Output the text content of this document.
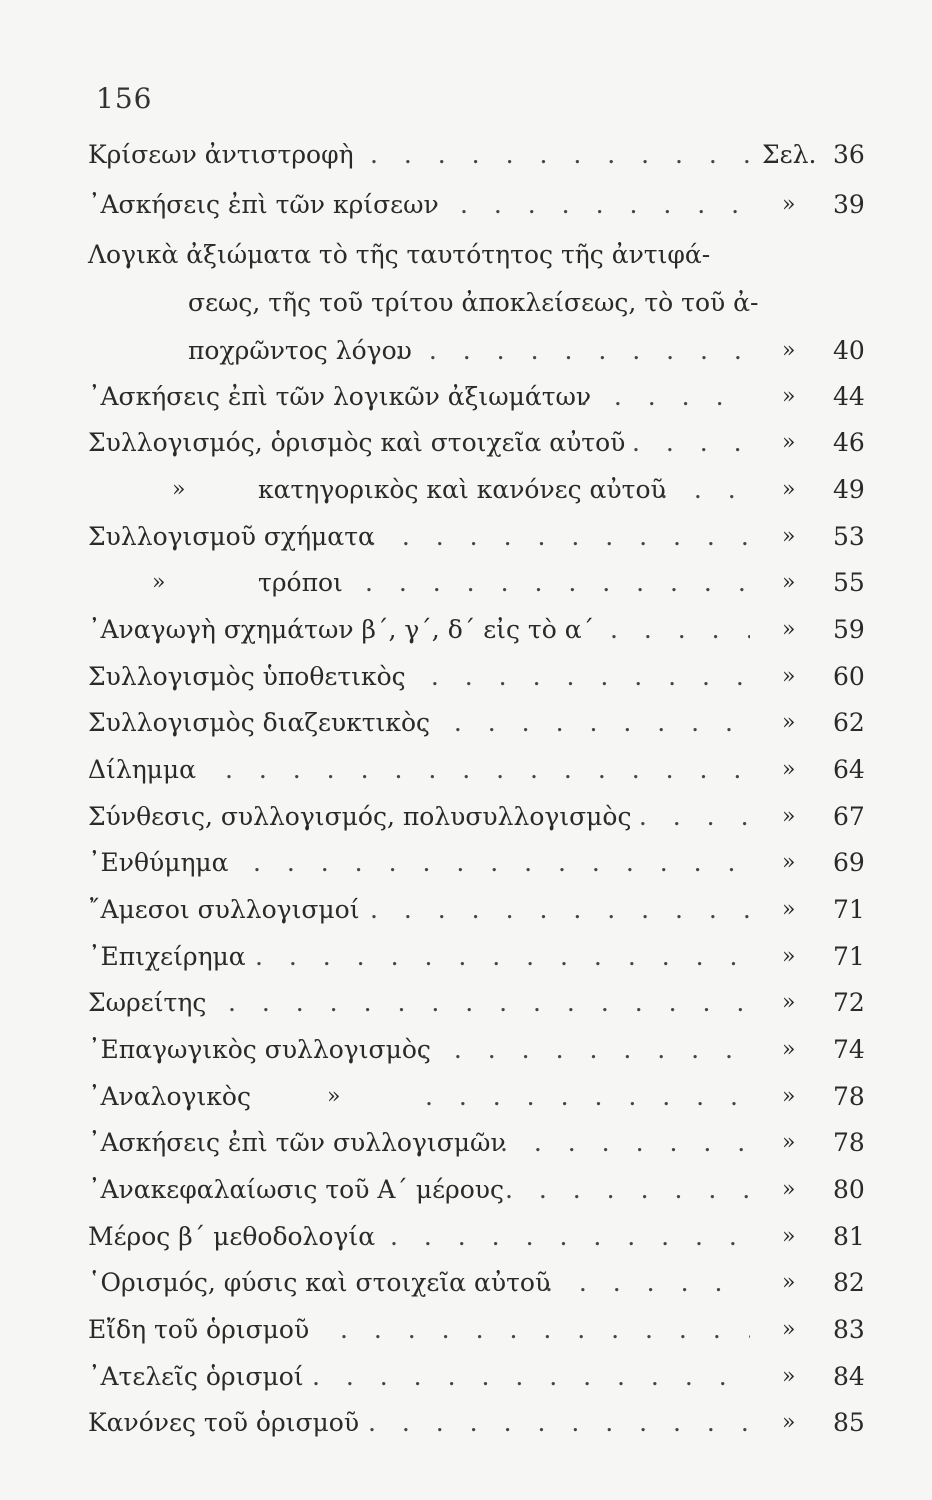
156
Κρίσεων ἀντιστροφὴ . . .	Σελ. 36
᾿Ασκήσεις ἐπὶ τῶν κρίσεων . . .	»	39
Λογικὰ ἀξιώματα τὸ τῆς ταυτότητος τῆς ἀντιφά-
σεως, τῆς τοῦ τρίτου ἀποκλείσεως, τὸ τοῦ ἀ-
ποχρῶντος λόγου . . .	»	40
᾿Ασκήσεις ἐπὶ τῶν λογικῶν ἀξιωμάτων . . .	»	44
Συλλογισμός, ὁρισμὸς καὶ στοιχεῖα αὐτοῦ . . .	»	46
»	κατηγορικὸς καὶ κανόνες αὐτοῦ . . .	»	49
Συλλογισμοῦ σχήματα . . .	»	53
»	τρόποι . . .	»	55
᾿Αναγωγὴ σχημάτων β΄, γ΄, δ΄ εἰς τὸ α΄ . . .	»	59
Συλλογισμὸς ὑποθετικὸς . . .	»	60
Συλλογισμὸς διαζευκτικὸς . . .	»	62
Δίλημμα . . .	»	64
Σύνθεσις, συλλογισμός, πολυσυλλογισμὸς . . .	»	67
᾿Ενθύμημα . . .	»	69
῎Αμεσοι συλλογισμοί . . .	»	71
᾿Επιχείρημα . . .	»	71
Σωρείτης . . .	»	72
᾿Επαγωγικὸς συλλογισμὸς . . .	»	74
᾿Αναλογικὸς	» . . .	»	78
᾿Ασκήσεις ἐπὶ τῶν συλλογισμῶν . . .	»	78
᾿Ανακεφαλαίωσις τοῦ Α΄ μέρους . . .	»	80
Μέρος β΄ μεθοδολογία . . .	»	81
῾Ορισμός, φύσις καὶ στοιχεῖα αὐτοῦ . . .	»	82
Εἴδη τοῦ ὁρισμοῦ . . .	»	83
᾿Ατελεῖς ὁρισμοί . . .	»	84
Κανόνες τοῦ ὁρισμοῦ . . .	»	85
